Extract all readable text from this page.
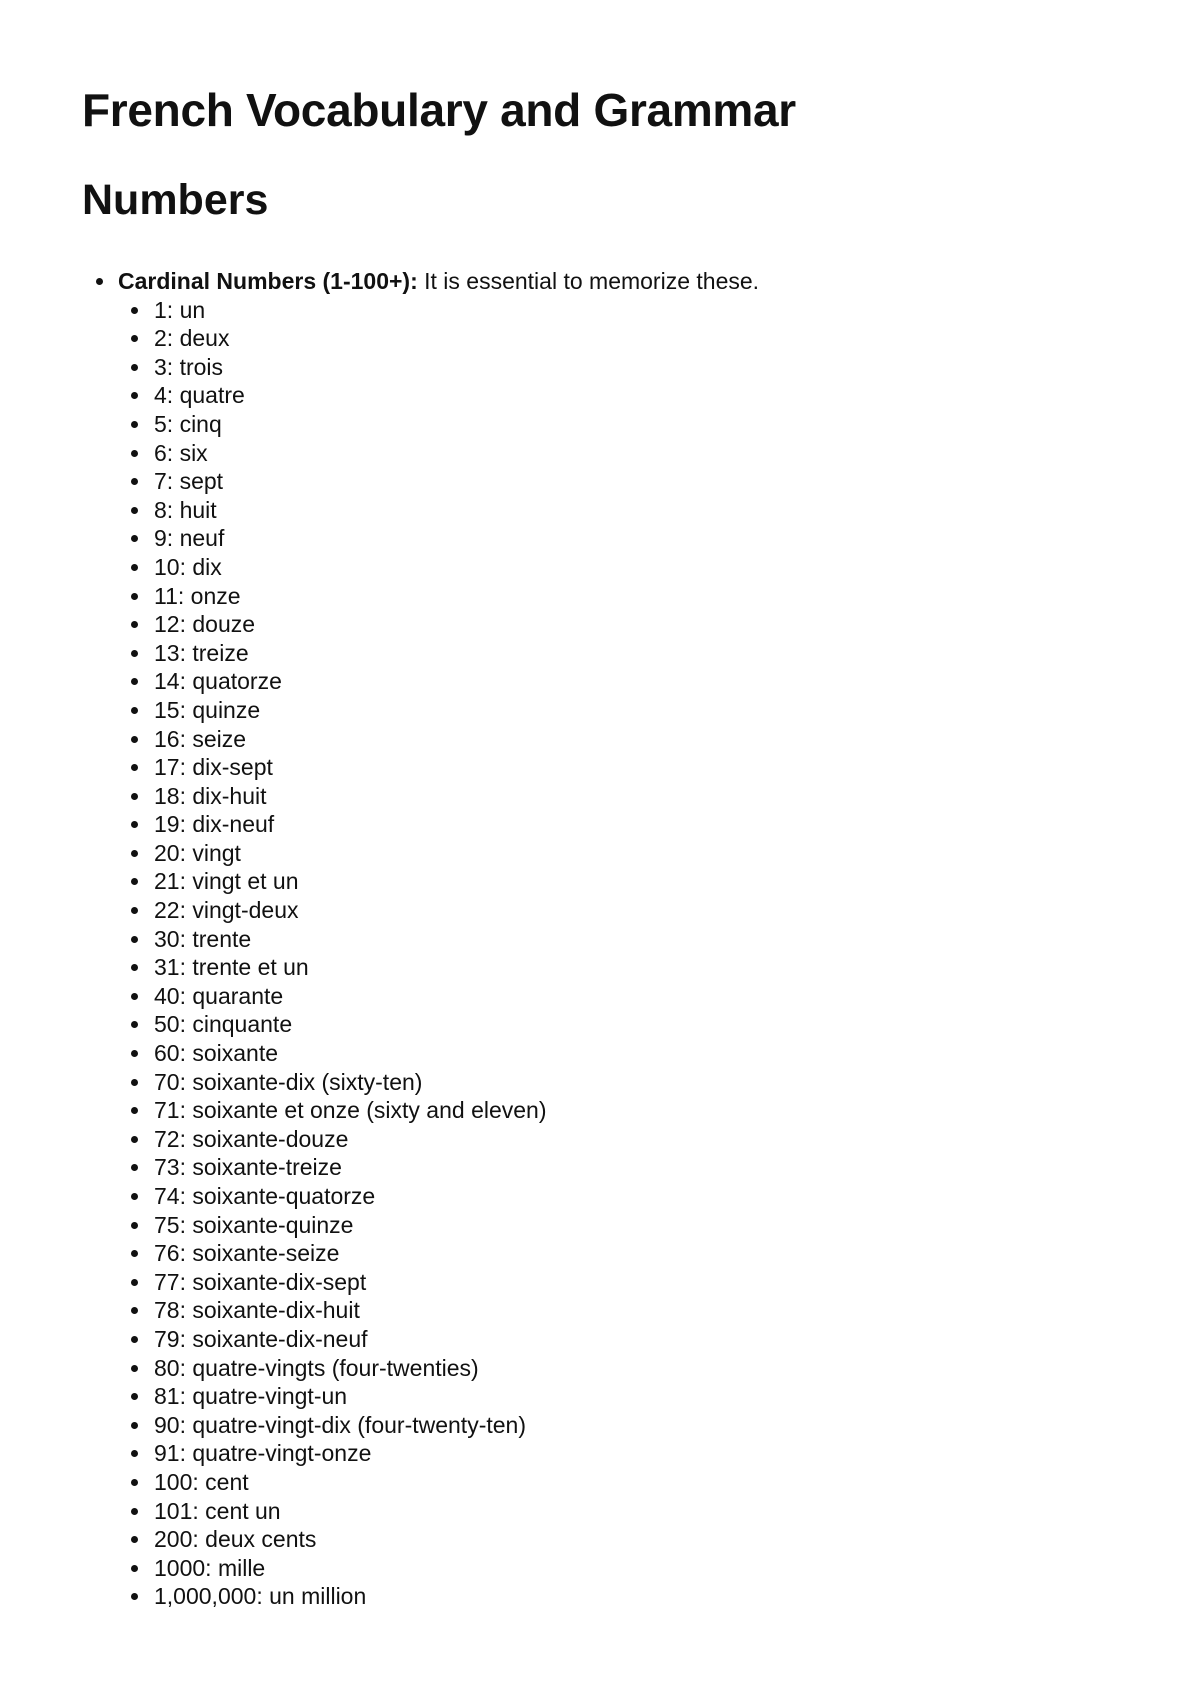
French Vocabulary and Grammar
Numbers
Cardinal Numbers (1-100+): It is essential to memorize these.
1: un
2: deux
3: trois
4: quatre
5: cinq
6: six
7: sept
8: huit
9: neuf
10: dix
11: onze
12: douze
13: treize
14: quatorze
15: quinze
16: seize
17: dix-sept
18: dix-huit
19: dix-neuf
20: vingt
21: vingt et un
22: vingt-deux
30: trente
31: trente et un
40: quarante
50: cinquante
60: soixante
70: soixante-dix (sixty-ten)
71: soixante et onze (sixty and eleven)
72: soixante-douze
73: soixante-treize
74: soixante-quatorze
75: soixante-quinze
76: soixante-seize
77: soixante-dix-sept
78: soixante-dix-huit
79: soixante-dix-neuf
80: quatre-vingts (four-twenties)
81: quatre-vingt-un
90: quatre-vingt-dix (four-twenty-ten)
91: quatre-vingt-onze
100: cent
101: cent un
200: deux cents
1000: mille
1,000,000: un million
